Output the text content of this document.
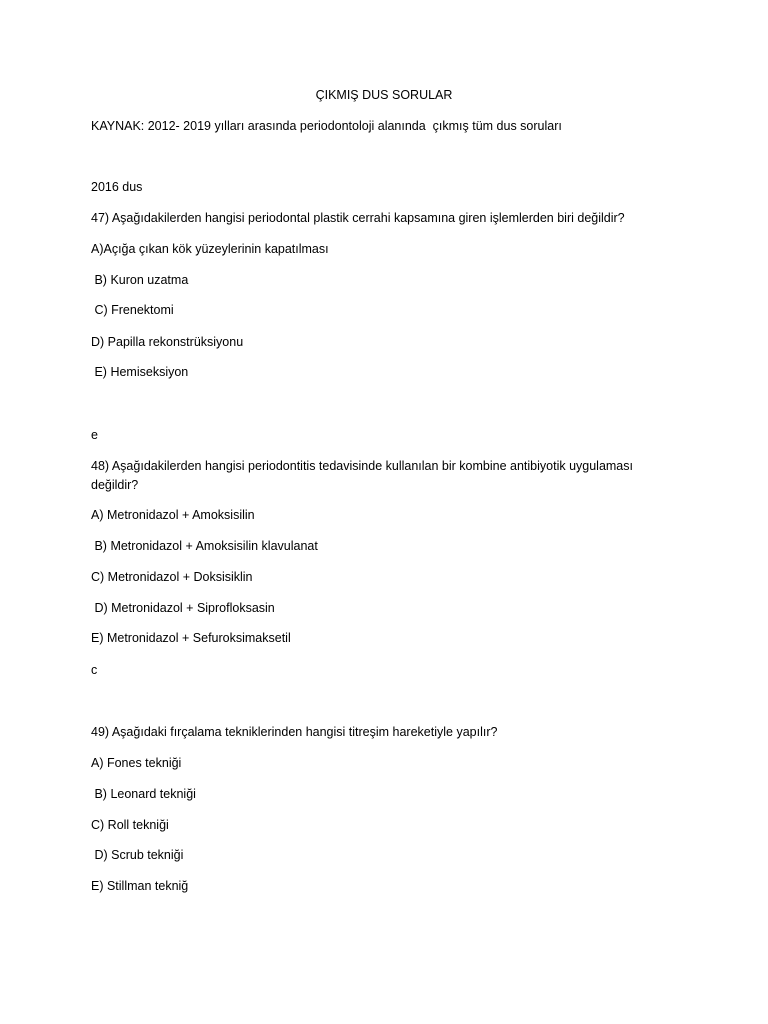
ÇIKMIŞ DUS SORULAR
KAYNAK: 2012- 2019 yılları arasında periodontoloji alanında  çıkmış tüm dus soruları
2016 dus
47) Aşağıdakilerden hangisi periodontal plastik cerrahi kapsamına giren işlemlerden biri değildir?
A)Açığa çıkan kök yüzeylerinin kapatılması
B) Kuron uzatma
C) Frenektomi
D) Papilla rekonstrüksiyonu
E) Hemiseksiyon
e
48) Aşağıdakilerden hangisi periodontitis tedavisinde kullanılan bir kombine antibiyotik uygulaması değildir?
A) Metronidazol + Amoksisilin
B) Metronidazol + Amoksisilin klavulanat
C) Metronidazol + Doksisiklin
D) Metronidazol + Siprofloksasin
E) Metronidazol + Sefuroksimaksetil
c
49) Aşağıdaki fırçalama tekniklerinden hangisi titreşim hareketiyle yapılır?
A) Fones tekniği
B) Leonard tekniği
C) Roll tekniği
D) Scrub tekniği
E) Stillman tekniğ
